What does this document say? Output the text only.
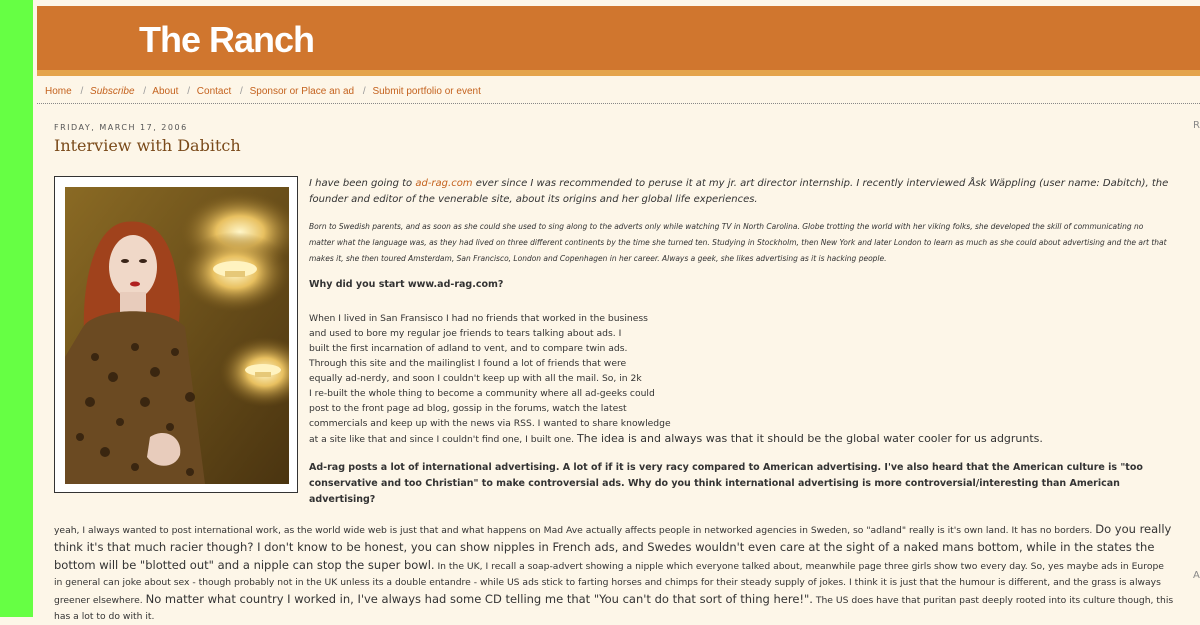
The Ranch
Home / Subscribe / About / Contact / Sponsor or Place an ad / Submit portfolio or event
FRIDAY, MARCH 17, 2006
Interview with Dabitch
R
A

I have been going to ad-rag.com ever since I was recommended to peruse it at my jr. art director internship. I recently interviewed Åsk Wäppling (user name: Dabitch), the founder and editor of the venerable site, about its origins and her global life experiences.

Born to Swedish parents, and as soon as she could she used to sing along to the adverts only while watching TV in North Carolina. Globe trotting the world with her viking folks, she developed the skill of communicating no matter what the language was, as they had lived on three different continents by the time she turned ten. Studying in Stockholm, then New York and later London to learn as much as she could about advertising and the art that makes it, she then toured Amsterdam, San Francisco, London and Copenhagen in her career. Always a geek, she likes advertising as it is hacking people.

Why did you start www.ad-rag.com?

When I lived in San Fransisco I had no friends that worked in the business
and used to bore my regular joe friends to tears talking about ads. I
built the first incarnation of adland to vent, and to compare twin ads.
Through this site and the mailinglist I found a lot of friends that were
equally ad-nerdy, and soon I couldn't keep up with all the mail. So, in 2k
I re-built the whole thing to become a community where all ad-geeks could
post to the front page ad blog, gossip in the forums, watch the latest
commercials and keep up with the news via RSS. I wanted to share knowledge
at a site like that and since I couldn't find one, I built one. The idea is and always was that it should be the global water cooler for us adgrunts.

Ad-rag posts a lot of international advertising. A lot of if it is very racy compared to American advertising. I've also heard that the American culture is "too conservative and too Christian" to make controversial ads. Why do you think international advertising is more controversial/interesting than American advertising?

yeah, I always wanted to post international work, as the world wide web is just that and what happens on Mad Ave actually affects people in networked agencies in Sweden, so "adland" really is it's own land. It has no borders. Do you really think it's that much racier though? I don't know to be honest, you can show nipples in French ads, and Swedes wouldn't even care at the sight of a naked mans bottom, while in the states the bottom will be "blotted out" and a nipple can stop the super bowl. In the UK, I recall a soap-advert showing a nipple which everyone talked about, meanwhile page three girls show two every day. So, yes maybe ads in Europe in general can joke about sex - though probably not in the UK unless its a double entandre - while US ads stick to farting horses and chimps for their steady supply of jokes. I think it is just that the humour is different, and the grass is always greener elsewhere. No matter what country I worked in, I've always had some CD telling me that "You can't do that sort of thing here!". The US does have that puritan past deeply rooted into its culture though, this has a lot to do with it.
